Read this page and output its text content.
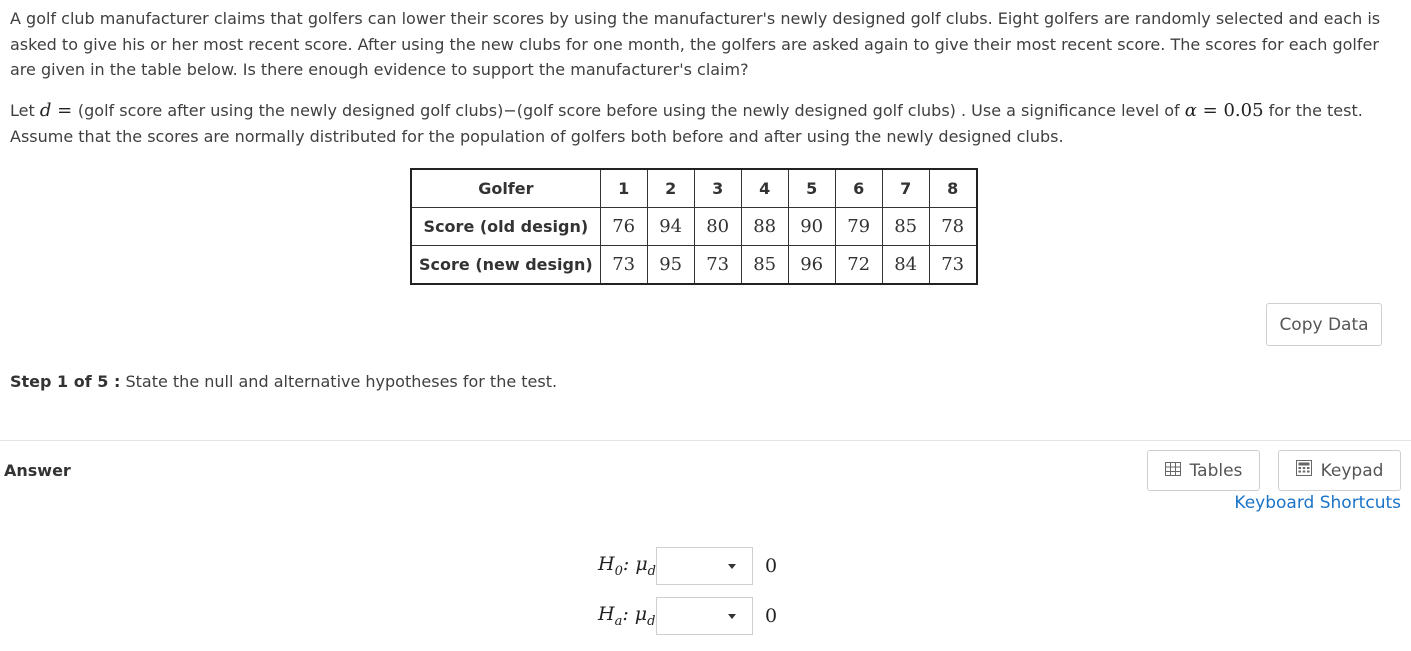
A golf club manufacturer claims that golfers can lower their scores by using the manufacturer's newly designed golf clubs. Eight golfers are randomly selected and each is asked to give his or her most recent score. After using the new clubs for one month, the golfers are asked again to give their most recent score. The scores for each golfer are given in the table below. Is there enough evidence to support the manufacturer's claim?

Let d = (golf score after using the newly designed golf clubs)−(golf score before using the newly designed golf clubs) . Use a significance level of α = 0.05 for the test. Assume that the scores are normally distributed for the population of golfers both before and after using the newly designed clubs.

Golfer	1	2	3	4	5	6	7	8
Score (old design)	76	94	80	88	90	79	85	78
Score (new design)	73	95	73	85	96	72	84	73
Copy Data
Step 1 of 5 : State the null and alternative hypotheses for the test.
Answer	Tables	Keypad
Keyboard Shortcuts
$H_0$: $\mu_d$	0
$H_a$: $\mu_d$	0
